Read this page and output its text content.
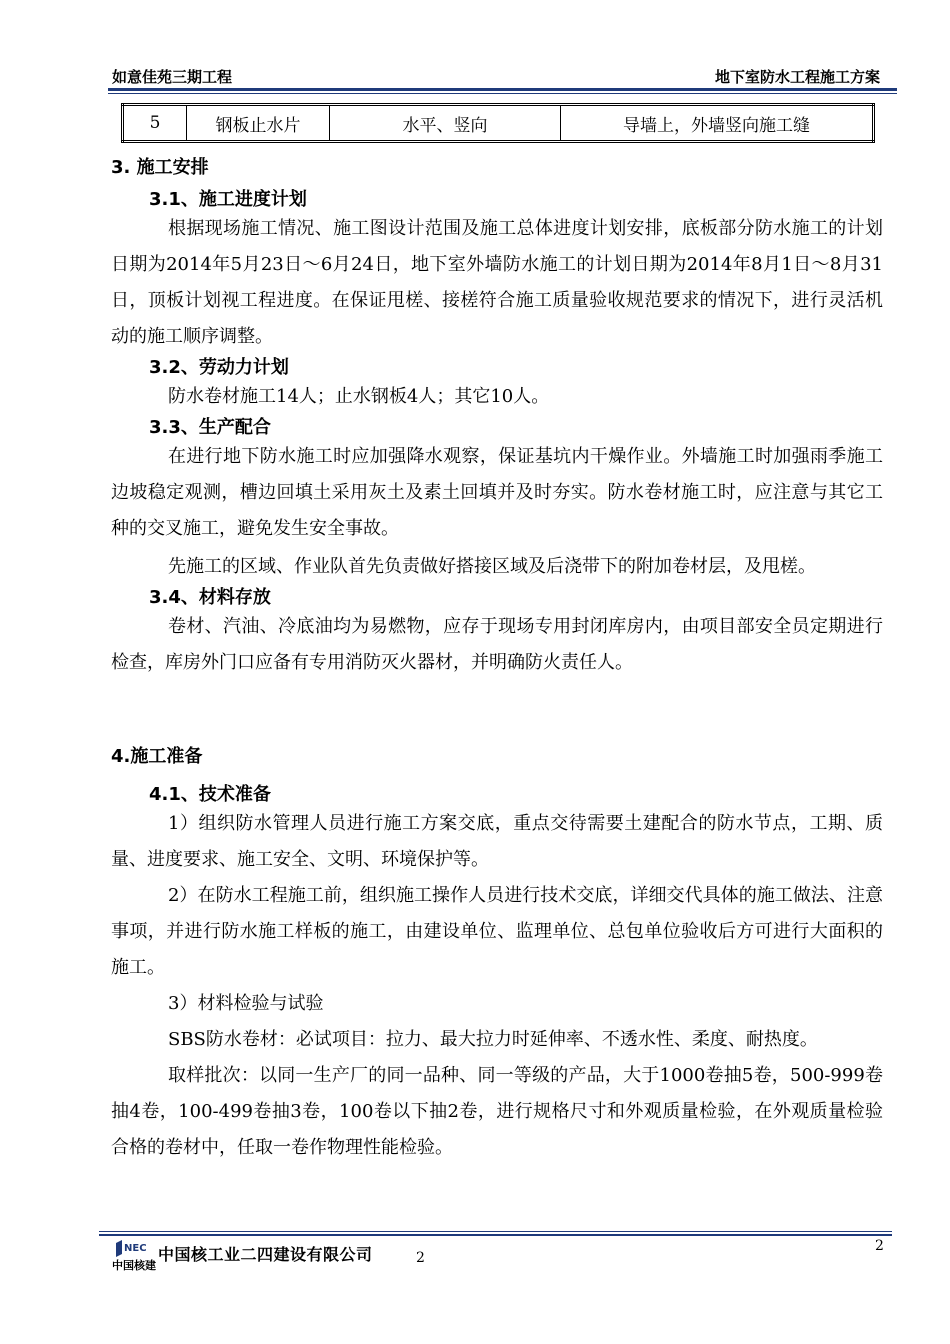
如意佳苑三期工程	地下室防水工程施工方案
5	钢板止水片	水平、竖向	导墙上，外墙竖向施工缝
3. 施工安排
3.1、施工进度计划

根据现场施工情况、施工图设计范围及施工总体进度计划安排，底板部分防水施工的计划日期为2014年5月23日～6月24日，地下室外墙防水施工的计划日期为2014年8月1日～8月31日，顶板计划视工程进度。在保证甩槎、接槎符合施工质量验收规范要求的情况下，进行灵活机动的施工顺序调整。

3.2、劳动力计划

防水卷材施工14人；止水钢板4人；其它10人。

3.3、生产配合

在进行地下防水施工时应加强降水观察，保证基坑内干燥作业。外墙施工时加强雨季施工边坡稳定观测，槽边回填土采用灰土及素土回填并及时夯实。防水卷材施工时，应注意与其它工种的交叉施工，避免发生安全事故。

先施工的区域、作业队首先负责做好搭接区域及后浇带下的附加卷材层，及甩槎。

3.4、材料存放

卷材、汽油、冷底油均为易燃物，应存于现场专用封闭库房内，由项目部安全员定期进行检查，库房外门口应备有专用消防灭火器材，并明确防火责任人。

4.施工准备
4.1、技术准备

1）组织防水管理人员进行施工方案交底，重点交待需要土建配合的防水节点，工期、质量、进度要求、施工安全、文明、环境保护等。

2）在防水工程施工前，组织施工操作人员进行技术交底，详细交代具体的施工做法、注意事项，并进行防水施工样板的施工，由建设单位、监理单位、总包单位验收后方可进行大面积的施工。

3）材料检验与试验

SBS防水卷材：必试项目：拉力、最大拉力时延伸率、不透水性、柔度、耐热度。

取样批次：以同一生产厂的同一品种、同一等级的产品，大于1000卷抽5卷，500-999卷抽4卷，100-499卷抽3卷，100卷以下抽2卷，进行规格尺寸和外观质量检验，在外观质量检验合格的卷材中，任取一卷作物理性能检验。

2
NEC
中国核建
中国核工业二四建设有限公司	2
